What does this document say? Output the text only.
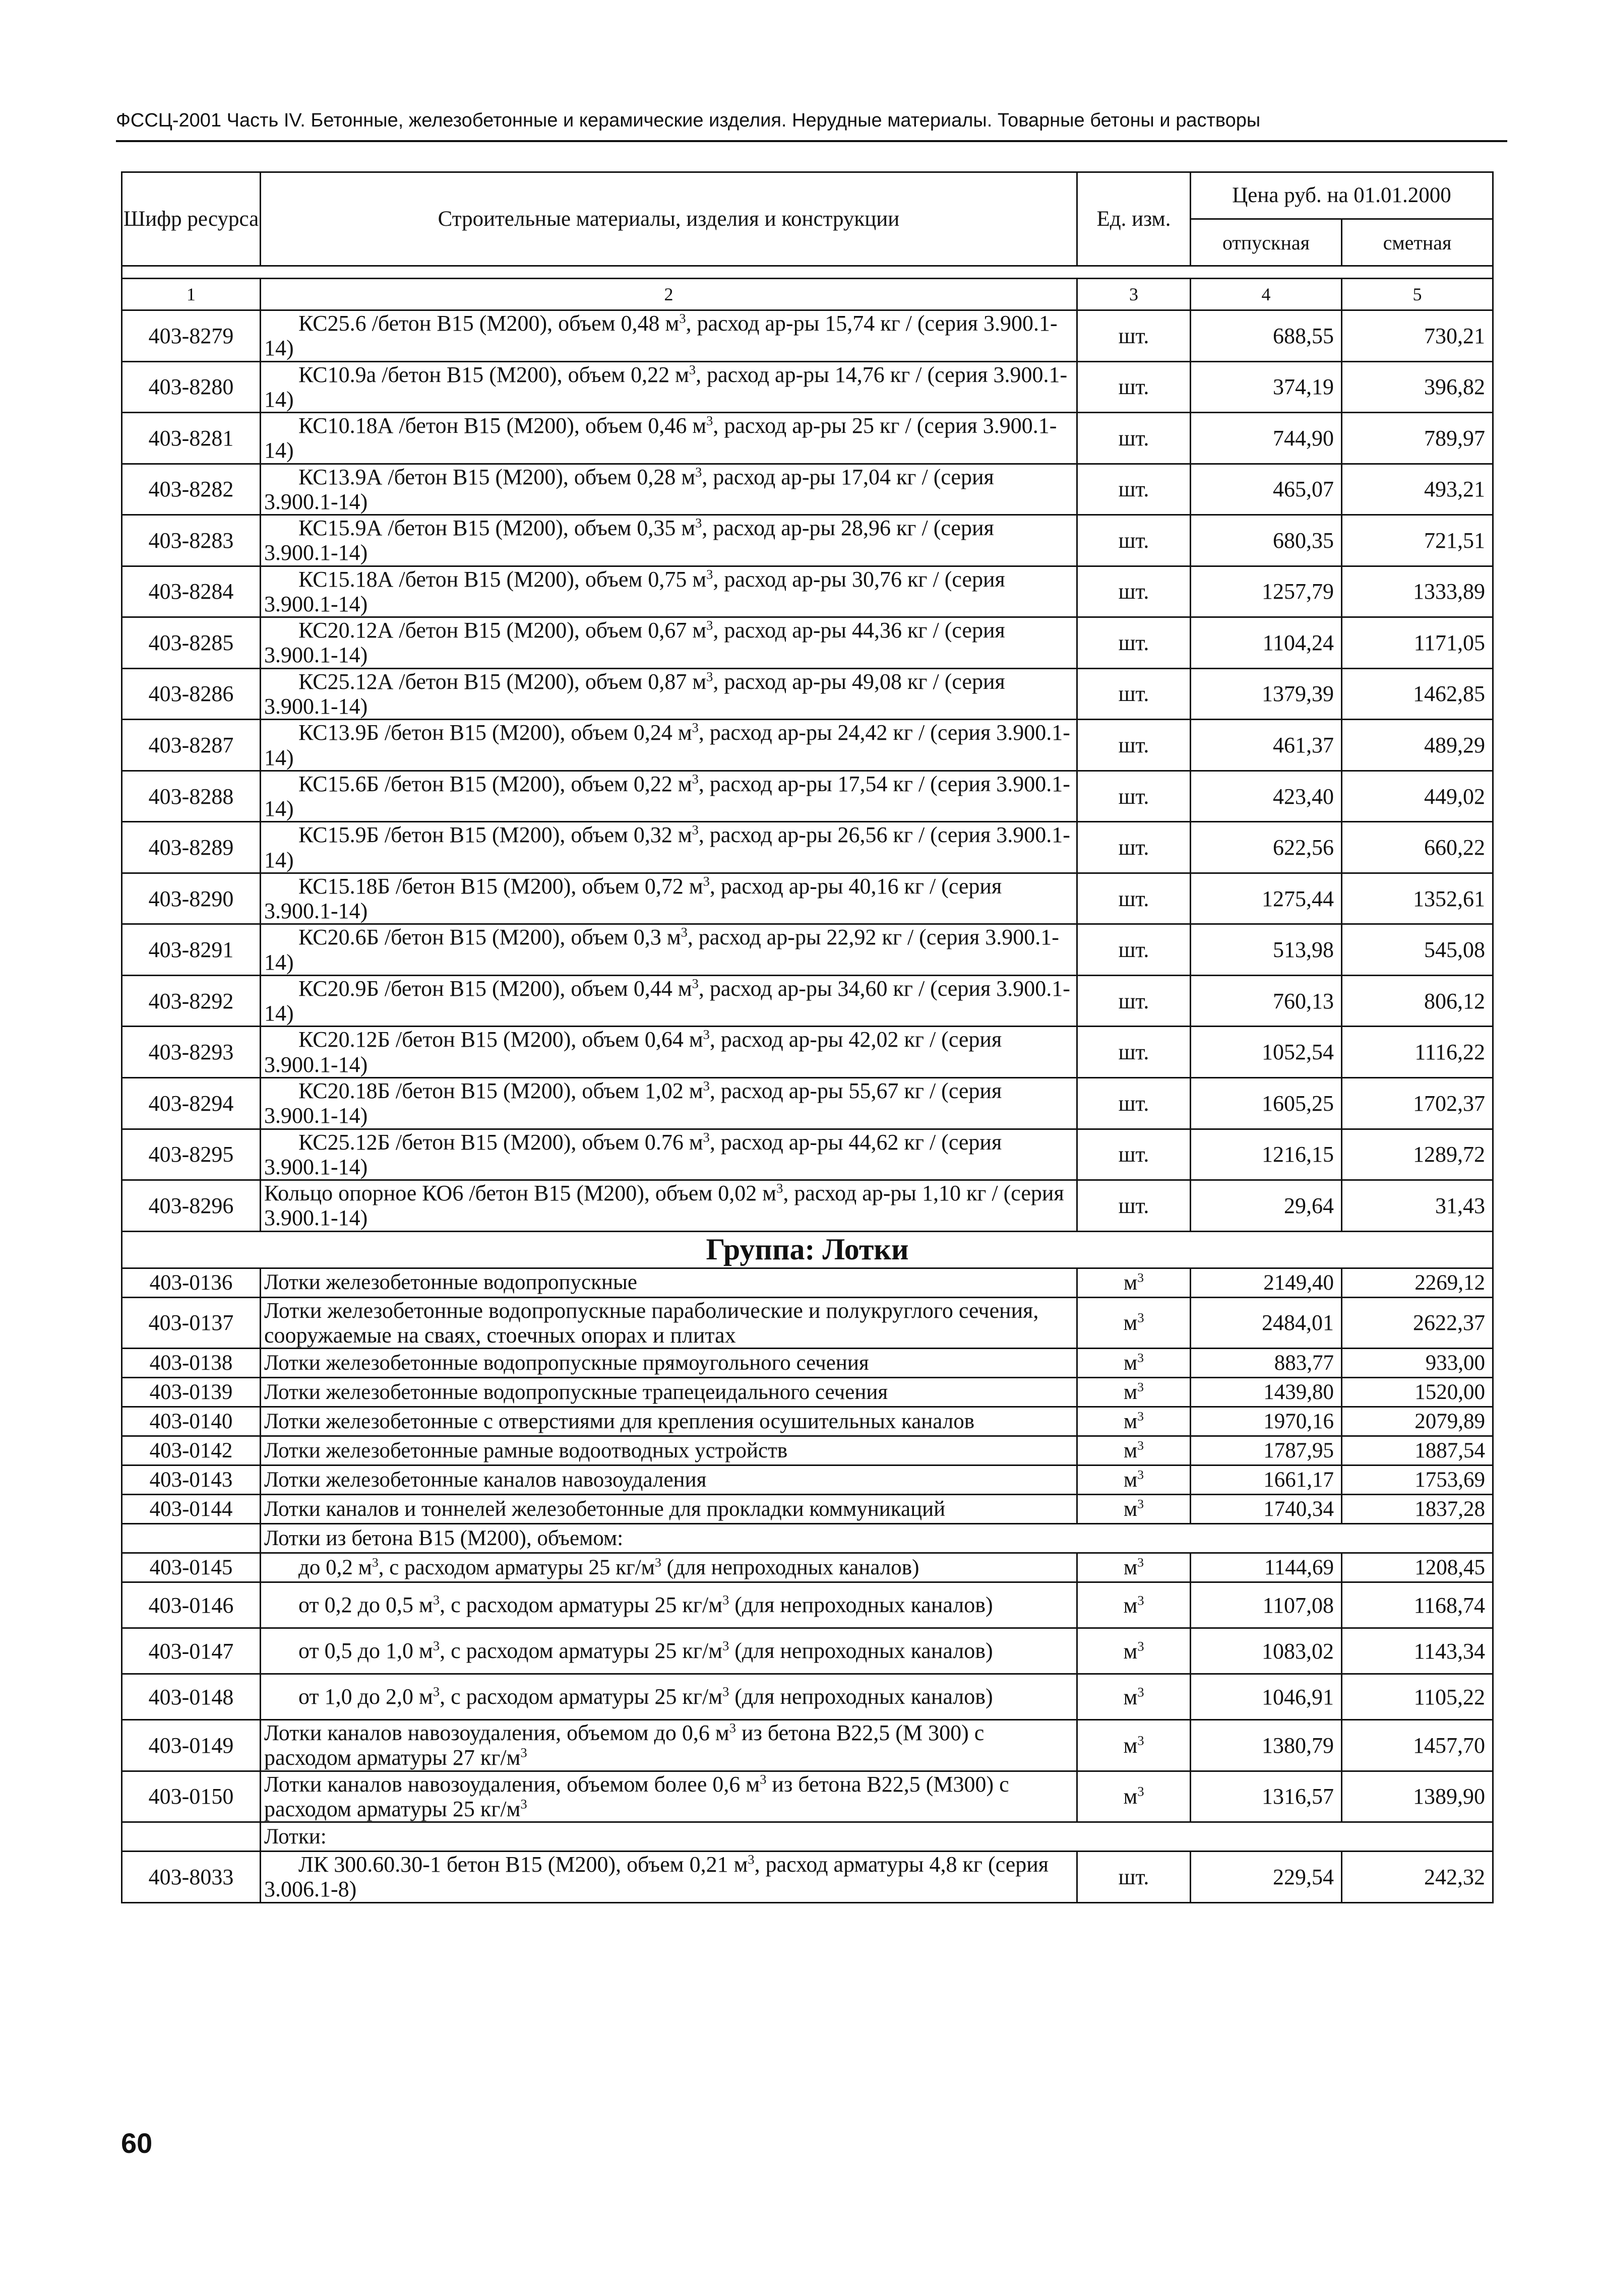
ФССЦ-2001 Часть IV. Бетонные, железобетонные и керамические изделия. Нерудные материалы. Товарные бетоны и растворы
Шифр ресурса	Строительные материалы, изделия и конструкции	Ед. изм.	Цена руб. на 01.01.2000	
			отпускная	сметная

1	2	3	4	5
403-8279	КС25.6 /бетон В15 (М200), объем 0,48 $м^3$, расход ар-ры 15,74 кг / (серия 3.900.1-14)	шт.	688,55	730,21
403-8280	КС10.9а /бетон В15 (М200), объем 0,22 $м^3$, расход ар-ры 14,76 кг / (серия 3.900.1-14)	шт.	374,19	396,82
403-8281	КС10.18А /бетон В15 (М200), объем 0,46 $м^3$, расход ар-ры 25 кг / (серия 3.900.1-14)	шт.	744,90	789,97
403-8282	КС13.9А /бетон В15 (М200), объем 0,28 $м^3$, расход ар-ры 17,04 кг / (серия 3.900.1-14)	шт.	465,07	493,21
403-8283	КС15.9А /бетон В15 (М200), объем 0,35 $м^3$, расход ар-ры 28,96 кг / (серия 3.900.1-14)	шт.	680,35	721,51
403-8284	КС15.18А /бетон В15 (М200), объем 0,75 $м^3$, расход ар-ры 30,76 кг / (серия 3.900.1-14)	шт.	1257,79	1333,89
403-8285	КС20.12А /бетон В15 (М200), объем 0,67 $м^3$, расход ар-ры 44,36 кг / (серия 3.900.1-14)	шт.	1104,24	1171,05
403-8286	КС25.12А /бетон В15 (М200), объем 0,87 $м^3$, расход ар-ры 49,08 кг / (серия 3.900.1-14)	шт.	1379,39	1462,85
403-8287	КС13.9Б /бетон В15 (М200), объем 0,24 $м^3$, расход ар-ры 24,42 кг / (серия 3.900.1-14)	шт.	461,37	489,29
403-8288	КС15.6Б /бетон В15 (М200), объем 0,22 $м^3$, расход ар-ры 17,54 кг / (серия 3.900.1-14)	шт.	423,40	449,02
403-8289	КС15.9Б /бетон В15 (М200), объем 0,32 $м^3$, расход ар-ры 26,56 кг / (серия 3.900.1-14)	шт.	622,56	660,22
403-8290	КС15.18Б /бетон В15 (М200), объем 0,72 $м^3$, расход ар-ры 40,16 кг / (серия 3.900.1-14)	шт.	1275,44	1352,61
403-8291	КС20.6Б /бетон В15 (М200), объем 0,3 $м^3$, расход ар-ры 22,92 кг / (серия 3.900.1-14)	шт.	513,98	545,08
403-8292	КС20.9Б /бетон В15 (М200), объем 0,44 $м^3$, расход ар-ры 34,60 кг / (серия 3.900.1-14)	шт.	760,13	806,12
403-8293	КС20.12Б /бетон В15 (М200), объем 0,64 $м^3$, расход ар-ры 42,02 кг / (серия 3.900.1-14)	шт.	1052,54	1116,22
403-8294	КС20.18Б /бетон В15 (М200), объем 1,02 $м^3$, расход ар-ры 55,67 кг / (серия 3.900.1-14)	шт.	1605,25	1702,37
403-8295	КС25.12Б /бетон В15 (М200), объем 0.76 $м^3$, расход ар-ры 44,62 кг / (серия 3.900.1-14)	шт.	1216,15	1289,72
403-8296	Кольцо опорное КО6 /бетон В15 (М200), объем 0,02 $м^3$, расход ар-ры 1,10 кг / (серия 3.900.1-14)	шт.	29,64	31,43
Группа: Лотки				
403-0136	Лотки железобетонные водопропускные	$м^3$	2149,40	2269,12
403-0137	Лотки железобетонные водопропускные параболические и полукруглого сечения, сооружаемые на сваях, стоечных опорах и плитах	$м^3$	2484,01	2622,37
403-0138	Лотки железобетонные водопропускные прямоугольного сечения	$м^3$	883,77	933,00
403-0139	Лотки железобетонные водопропускные трапецеидального сечения	$м^3$	1439,80	1520,00
403-0140	Лотки железобетонные с отверстиями для крепления осушительных каналов	$м^3$	1970,16	2079,89
403-0142	Лотки железобетонные рамные водоотводных устройств	$м^3$	1787,95	1887,54
403-0143	Лотки железобетонные каналов навозоудаления	$м^3$	1661,17	1753,69
403-0144	Лотки каналов и тоннелей железобетонные для прокладки коммуникаций	$м^3$	1740,34	1837,28
	Лотки из бетона В15 (М200), объемом:			
403-0145	до 0,2 $м^3$, с расходом арматуры 25 $кг/м^3$ (для непроходных каналов)	$м^3$	1144,69	1208,45
403-0146	от 0,2 до 0,5 $м^3$, с расходом арматуры 25 $кг/м^3$ (для непроходных каналов)	$м^3$	1107,08	1168,74
403-0147	от 0,5 до 1,0 $м^3$, с расходом арматуры 25 $кг/м^3$ (для непроходных каналов)	$м^3$	1083,02	1143,34
403-0148	от 1,0 до 2,0 $м^3$, с расходом арматуры 25 $кг/м^3$ (для непроходных каналов)	$м^3$	1046,91	1105,22
403-0149	Лотки каналов навозоудаления, объемом до 0,6 $м^3$ из бетона В22,5 (М 300) с расходом арматуры 27 $кг/м^3$	$м^3$	1380,79	1457,70
403-0150	Лотки каналов навозоудаления, объемом более 0,6 $м^3$ из бетона В22,5 (М300) с расходом арматуры 25 $кг/м^3$	$м^3$	1316,57	1389,90
	Лотки:			
403-8033	ЛК 300.60.30-1 бетон В15 (М200), объем 0,21 $м^3$, расход арматуры 4,8 кг (серия 3.006.1-8)	шт.	229,54	242,32
60
